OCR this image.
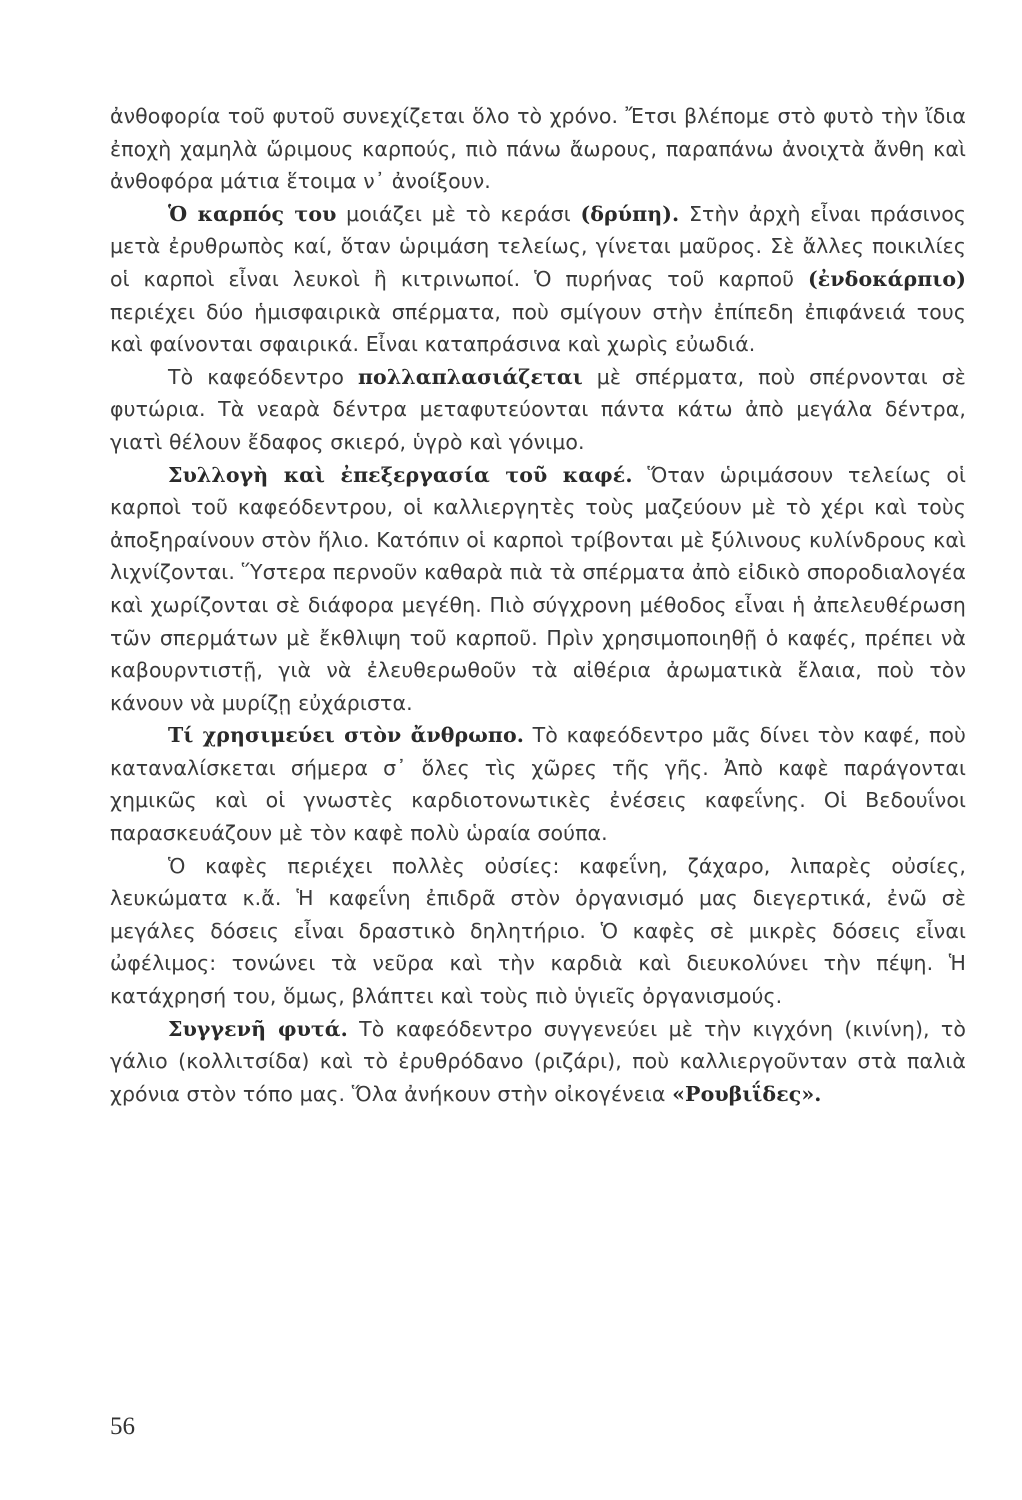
ἀνθοφορία τοῦ φυτοῦ συνεχίζεται ὅλο τὸ χρόνο. Ἔτσι βλέπομε στὸ φυτὸ τὴν ἴδια ἐποχὴ χαμηλὰ ὥριμους καρπούς, πιὸ πάνω ἄωρους, παραπάνω ἀνοιχτὰ ἄνθη καὶ ἀνθοφόρα μάτια ἕτοιμα ν᾽ ἀνοίξουν.

Ὁ καρπός του μοιάζει μὲ τὸ κεράσι (δρύπη). Στὴν ἀρχὴ εἶναι πράσινος μετὰ ἐρυθρωπὸς καί, ὅταν ὡριμάση τελείως, γίνεται μαῦρος. Σὲ ἄλλες ποικιλίες οἱ καρποὶ εἶναι λευκοὶ ἢ κιτρινωποί. Ὁ πυρήνας τοῦ καρποῦ (ἐνδοκάρπιο) περιέχει δύο ἡμισφαιρικὰ σπέρματα, ποὺ σμίγουν στὴν ἐπίπεδη ἐπιφάνειά τους καὶ φαίνονται σφαιρικά. Εἶναι καταπράσινα καὶ χωρὶς εὐωδιά.

Τὸ καφεόδεντρο πολλαπλασιάζεται μὲ σπέρματα, ποὺ σπέρνονται σὲ φυτώρια. Τὰ νεαρὰ δέντρα μεταφυτεύονται πάντα κάτω ἀπὸ μεγάλα δέντρα, γιατὶ θέλουν ἔδαφος σκιερό, ὑγρὸ καὶ γόνιμο.

Συλλογὴ καὶ ἐπεξεργασία τοῦ καφέ. Ὅταν ὡριμάσουν τελείως οἱ καρποὶ τοῦ καφεόδεντρου, οἱ καλλιεργητὲς τοὺς μαζεύουν μὲ τὸ χέρι καὶ τοὺς ἀποξηραίνουν στὸν ἥλιο. Κατόπιν οἱ καρποὶ τρίβονται μὲ ξύλινους κυλίνδρους καὶ λιχνίζονται. Ὕστερα περνοῦν καθαρὰ πιὰ τὰ σπέρματα ἀπὸ εἰδικὸ σποροδιαλογέα καὶ χωρίζονται σὲ διάφορα μεγέθη. Πιὸ σύγχρονη μέθοδος εἶναι ἡ ἀπελευθέρωση τῶν σπερμάτων μὲ ἔκθλιψη τοῦ καρποῦ. Πρὶν χρησιμοποιηθῇ ὁ καφές, πρέπει νὰ καβουρντιστῇ, γιὰ νὰ ἐλευθερωθοῦν τὰ αἰθέρια ἀρωματικὰ ἔλαια, ποὺ τὸν κάνουν νὰ μυρίζῃ εὐχάριστα.

Τί χρησιμεύει στὸν ἄνθρωπο. Τὸ καφεόδεντρο μᾶς δίνει τὸν καφέ, ποὺ καταναλίσκεται σήμερα σ᾽ ὅλες τὶς χῶρες τῆς γῆς. Ἀπὸ καφὲ παράγονται χημικῶς καὶ οἱ γνωστὲς καρδιοτονωτικὲς ἐνέσεις καφεΐνης. Οἱ Βεδουΐνοι παρασκευάζουν μὲ τὸν καφὲ πολὺ ὡραία σούπα.

Ὁ καφὲς περιέχει πολλὲς οὐσίες: καφεΐνη, ζάχαρο, λιπαρὲς οὐσίες, λευκώματα κ.ἄ. Ἡ καφεΐνη ἐπιδρᾶ στὸν ὀργανισμό μας διεγερτικά, ἐνῶ σὲ μεγάλες δόσεις εἶναι δραστικὸ δηλητήριο. Ὁ καφὲς σὲ μικρὲς δόσεις εἶναι ὠφέλιμος: τονώνει τὰ νεῦρα καὶ τὴν καρδιὰ καὶ διευκολύνει τὴν πέψη. Ἡ κατάχρησή του, ὅμως, βλάπτει καὶ τοὺς πιὸ ὑγιεῖς ὀργανισμούς.

Συγγενῆ φυτά. Τὸ καφεόδεντρο συγγενεύει μὲ τὴν κιγχόνη (κινίνη), τὸ γάλιο (κολλιτσίδα) καὶ τὸ ἐρυθρόδανο (ριζάρι), ποὺ καλλιεργοῦνταν στὰ παλιὰ χρόνια στὸν τόπο μας. Ὅλα ἀνήκουν στὴν οἰκογένεια «Ρουβιΐδες».

56
